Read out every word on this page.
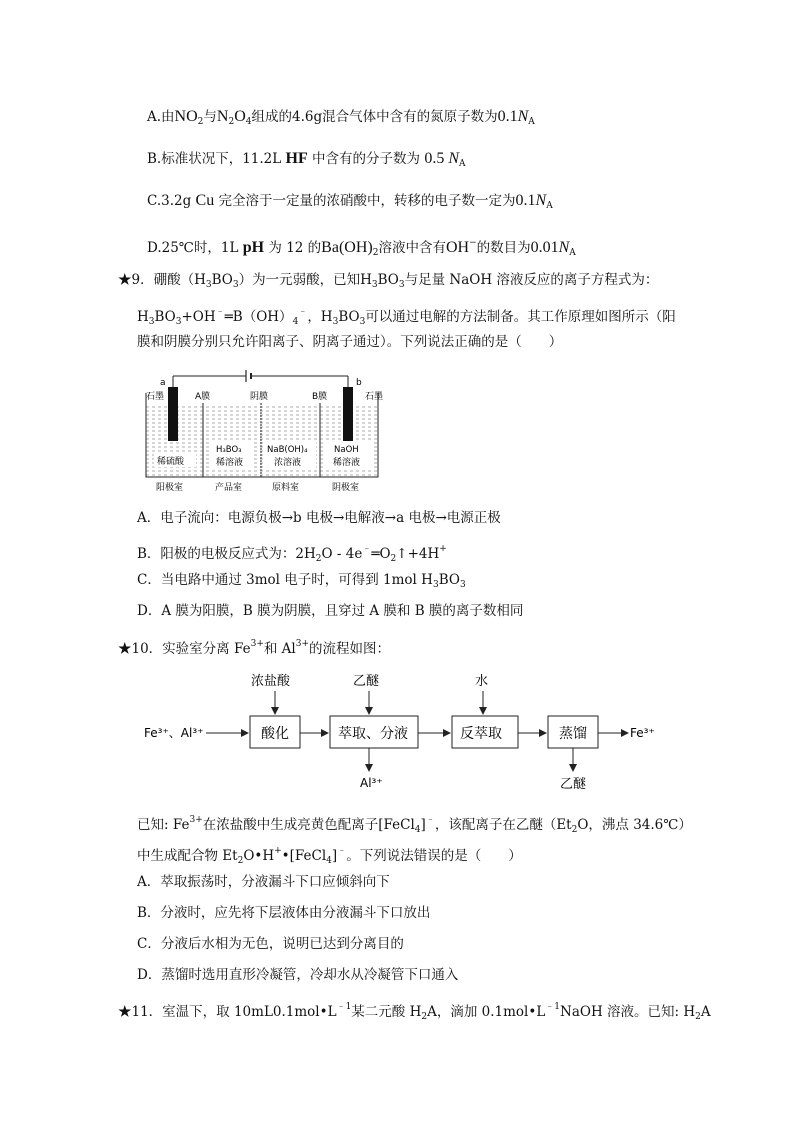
A.由$NO_2$与$N_2O_4$组成的4.6g混合气体中含有的氮原子数为$0.1N_A$
B.标准状况下，11.2L HF 中含有的分子数为 0.5 $N_A$
C.3.2g Cu 完全溶于一定量的浓硝酸中，转移的电子数一定为$0.1N_A$
D.25℃时，1L pH 为 12 的$Ba(OH)_2$溶液中含有OH−的数目为$0.01N_A$
★9．硼酸$(H_3BO_3)$为一元弱酸，已知$H_3BO_3$与足量 NaOH 溶液反应的离子方程式为：
$H_3BO_3+OH^﹣═B(OH)_4^﹣$，$H_3BO_3$可以通过电解的方法制备。其工作原理如图所示（阳
膜和阴膜分别只允许阳离子、阴离子通过）。下列说法正确的是（　　）
a	b
石墨	A膜	阴膜	B膜	石墨
稀硫酸
H₃BO₃
稀溶液
NaB(OH)₄
浓溶液
NaOH
稀溶液
阳极室	产品室	原料室	阴极室
A．电子流向：电源负极→b 电极→电解液→a 电极→电源正极
B．阳极的电极反应式为：$2H_2O$ - $4e^﹣═O_2↑+4H^+$
C．当电路中通过 3mol 电子时，可得到 1mol $H_3BO_3$
D．A 膜为阳膜，B 膜为阴膜，且穿过 A 膜和 B 膜的离子数相同
★10．实验室分离 $Fe^{3+}$和 $Al^{3+}$的流程如图：
Fe³⁺、Al³⁺	酸化
浓盐酸
萃取、分液
乙醚
Al³⁺
反萃取
水
蒸馏
乙醚
Fe³⁺
已知: $Fe^{3+}$在浓盐酸中生成亮黄色配离子[FeCl$_4$]﹣，该配离子在乙醚（$Et_2O$，沸点 34.6℃）
中生成配合物 $Et_2O•H^+•[FeCl_4]^﹣$。下列说法错误的是（　　）
A．萃取振荡时，分液漏斗下口应倾斜向下
B．分液时，应先将下层液体由分液漏斗下口放出
C．分液后水相为无色，说明已达到分离目的
D．蒸馏时选用直形冷凝管，冷却水从冷凝管下口通入
★11．室温下，取 $10mL0.1mol•L^{﹣1}$某二元酸 $H_2A$，滴加 $0.1mol•L^{﹣1}NaOH$ 溶液。已知: $H_2A$
